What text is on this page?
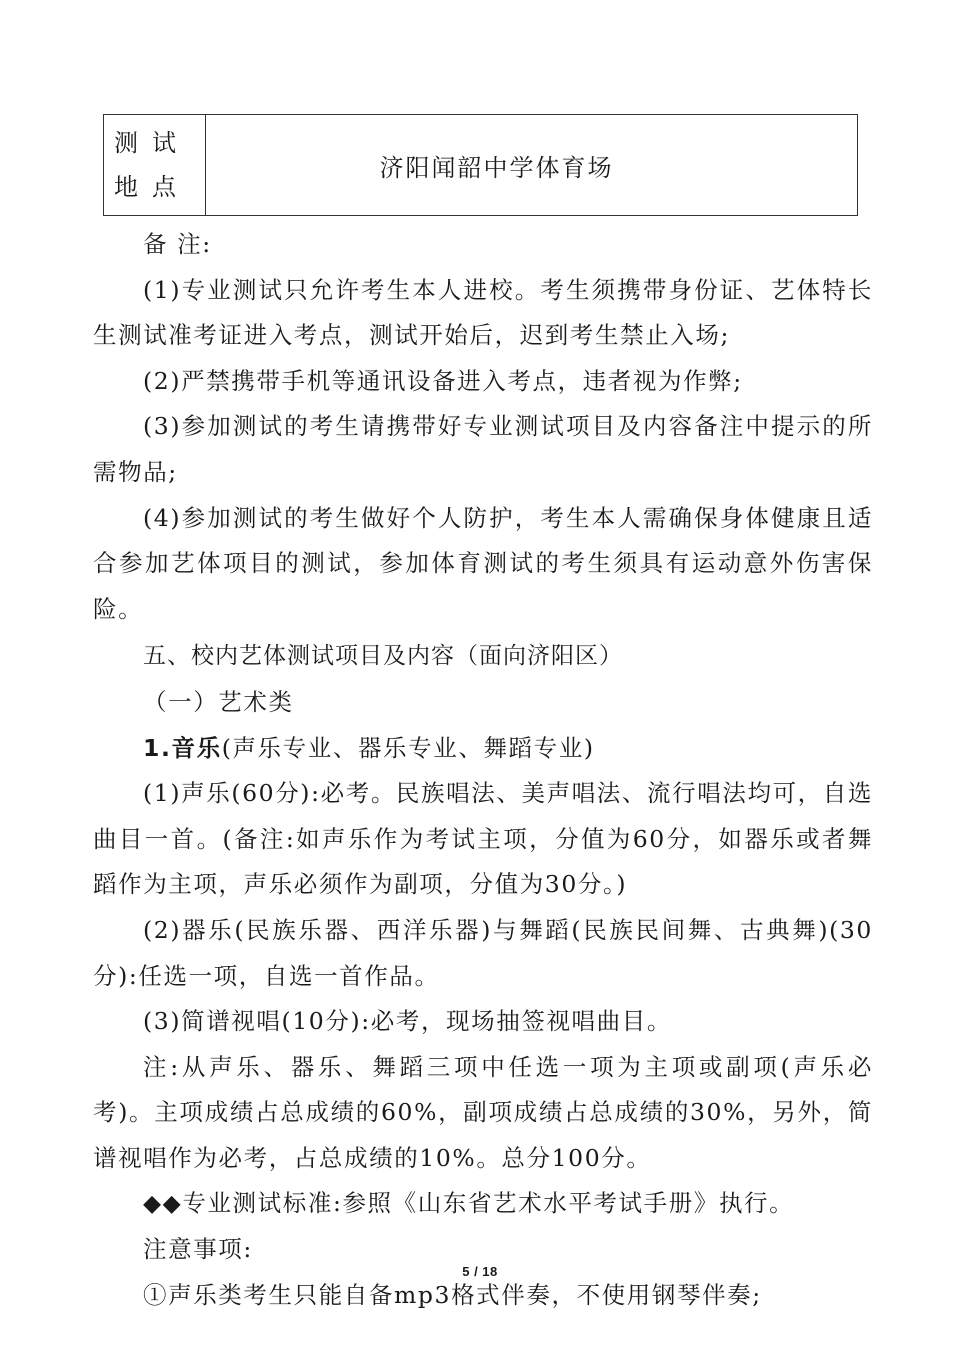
测试
地点
济阳闻韶中学体育场

备 注:

(1)专业测试只允许考生本人进校。考生须携带身份证、艺体特长生测试准考证进入考点，测试开始后，迟到考生禁止入场;

(2)严禁携带手机等通讯设备进入考点，违者视为作弊;

(3)参加测试的考生请携带好专业测试项目及内容备注中提示的所需物品;

(4)参加测试的考生做好个人防护，考生本人需确保身体健康且适合参加艺体项目的测试，参加体育测试的考生须具有运动意外伤害保险。

五、校内艺体测试项目及内容（面向济阳区）

（一）艺术类

1.音乐(声乐专业、器乐专业、舞蹈专业)

(1)声乐(60分):必考。民族唱法、美声唱法、流行唱法均可，自选曲目一首。(备注:如声乐作为考试主项，分值为60分，如器乐或者舞蹈作为主项，声乐必须作为副项，分值为30分。)

(2)器乐(民族乐器、西洋乐器)与舞蹈(民族民间舞、古典舞)(30分):任选一项，自选一首作品。

(3)简谱视唱(10分):必考，现场抽签视唱曲目。

注:从声乐、器乐、舞蹈三项中任选一项为主项或副项(声乐必考)。主项成绩占总成绩的60%，副项成绩占总成绩的30%，另外，简谱视唱作为必考，占总成绩的10%。总分100分。

◆◆专业测试标准:参照《山东省艺术水平考试手册》执行。

注意事项:

①声乐类考生只能自备mp3格式伴奏，不使用钢琴伴奏;

5 / 18
